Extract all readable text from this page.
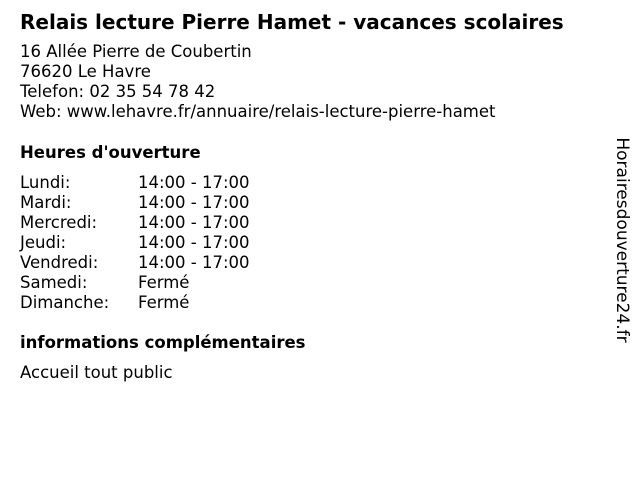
Relais lecture Pierre Hamet - vacances scolaires
16 Allée Pierre de Coubertin
76620 Le Havre
Telefon: 02 35 54 78 42
Web: www.lehavre.fr/annuaire/relais-lecture-pierre-hamet
Heures d'ouverture
Lundi:	14:00 - 17:00
Mardi:	14:00 - 17:00
Mercredi:	14:00 - 17:00
Jeudi:	14:00 - 17:00
Vendredi:	14:00 - 17:00
Samedi:	Fermé
Dimanche:	Fermé
informations complémentaires
Accueil tout public
Horairesdouverture24.fr
